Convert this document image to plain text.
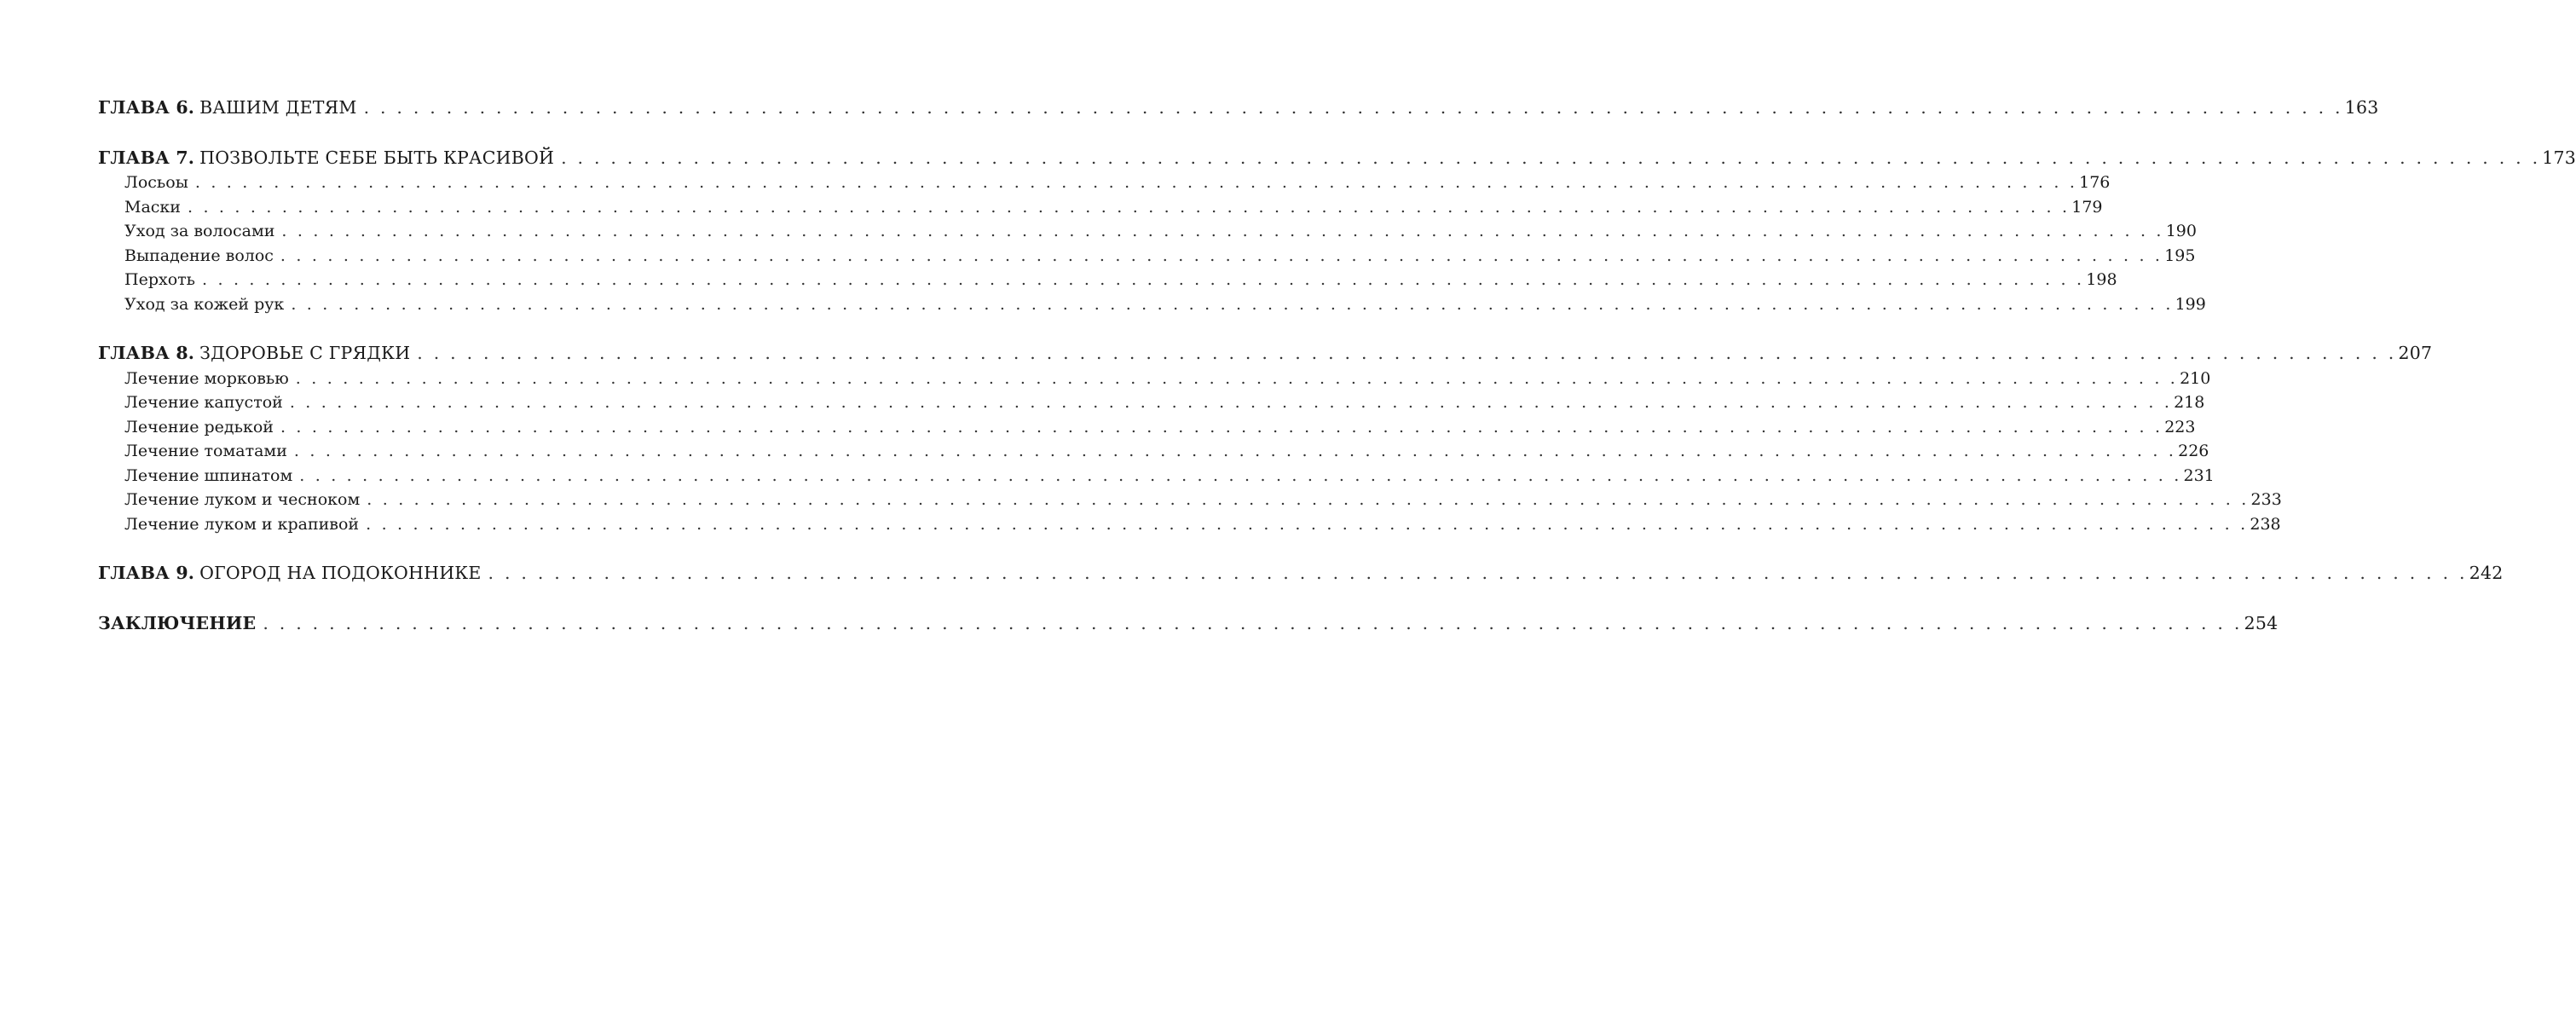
ГЛАВА 6. ВАШИМ ДЕТЯМ . . . . . . . . . . . . . . . . . . . . . . . . . . . . . . . . . . . . . . . . . . . . . . . . . . . . . . . . . . . . . . . . . . . . . . . . . . . . . . . . . . . . . . . . . . . . . . . . . . . . . . . . . . . . . . . . . . . . . . . . 163
ГЛАВА 7. ПОЗВОЛЬТЕ СЕБЕ БЫТЬ КРАСИВОЙ . . . . . . . . . . . . . . . . . . . . . . . . . . . . . . . . . . . . . . . . . . . . . . . . . . . . . . . . . . . . . . . . . . . . . . . . . . . . . . . . . . . . . . . . . . . . . . . . . . . . . . . . . . . . . . . . . . . . . . . . 173
Лосьоы . . . . . . . . . . . . . . . . . . . . . . . . . . . . . . . . . . . . . . . . . . . . . . . . . . . . . . . . . . . . . . . . . . . . . . . . . . . . . . . . . . . . . . . . . . . . . . . . . . . . . . . . . . . . . . . . . . . . . . . . 176
Маски . . . . . . . . . . . . . . . . . . . . . . . . . . . . . . . . . . . . . . . . . . . . . . . . . . . . . . . . . . . . . . . . . . . . . . . . . . . . . . . . . . . . . . . . . . . . . . . . . . . . . . . . . . . . . . . . . . . . . . . . 179
Уход за волосами . . . . . . . . . . . . . . . . . . . . . . . . . . . . . . . . . . . . . . . . . . . . . . . . . . . . . . . . . . . . . . . . . . . . . . . . . . . . . . . . . . . . . . . . . . . . . . . . . . . . . . . . . . . . . . . . . . . . . . . . 190
Выпадение волос . . . . . . . . . . . . . . . . . . . . . . . . . . . . . . . . . . . . . . . . . . . . . . . . . . . . . . . . . . . . . . . . . . . . . . . . . . . . . . . . . . . . . . . . . . . . . . . . . . . . . . . . . . . . . . . . . . . . . . . . 195
Перхоть . . . . . . . . . . . . . . . . . . . . . . . . . . . . . . . . . . . . . . . . . . . . . . . . . . . . . . . . . . . . . . . . . . . . . . . . . . . . . . . . . . . . . . . . . . . . . . . . . . . . . . . . . . . . . . . . . . . . . . . . 198
Уход за кожей рук . . . . . . . . . . . . . . . . . . . . . . . . . . . . . . . . . . . . . . . . . . . . . . . . . . . . . . . . . . . . . . . . . . . . . . . . . . . . . . . . . . . . . . . . . . . . . . . . . . . . . . . . . . . . . . . . . . . . . . . . 199
ГЛАВА 8. ЗДОРОВЬЕ С ГРЯДКИ . . . . . . . . . . . . . . . . . . . . . . . . . . . . . . . . . . . . . . . . . . . . . . . . . . . . . . . . . . . . . . . . . . . . . . . . . . . . . . . . . . . . . . . . . . . . . . . . . . . . . . . . . . . . . . . . . . . . . . . . 207
Лечение морковью . . . . . . . . . . . . . . . . . . . . . . . . . . . . . . . . . . . . . . . . . . . . . . . . . . . . . . . . . . . . . . . . . . . . . . . . . . . . . . . . . . . . . . . . . . . . . . . . . . . . . . . . . . . . . . . . . . . . . . . . 210
Лечение капустой . . . . . . . . . . . . . . . . . . . . . . . . . . . . . . . . . . . . . . . . . . . . . . . . . . . . . . . . . . . . . . . . . . . . . . . . . . . . . . . . . . . . . . . . . . . . . . . . . . . . . . . . . . . . . . . . . . . . . . . . 218
Лечение редькой . . . . . . . . . . . . . . . . . . . . . . . . . . . . . . . . . . . . . . . . . . . . . . . . . . . . . . . . . . . . . . . . . . . . . . . . . . . . . . . . . . . . . . . . . . . . . . . . . . . . . . . . . . . . . . . . . . . . . . . . 223
Лечение томатами . . . . . . . . . . . . . . . . . . . . . . . . . . . . . . . . . . . . . . . . . . . . . . . . . . . . . . . . . . . . . . . . . . . . . . . . . . . . . . . . . . . . . . . . . . . . . . . . . . . . . . . . . . . . . . . . . . . . . . . . 226
Лечение шпинатом . . . . . . . . . . . . . . . . . . . . . . . . . . . . . . . . . . . . . . . . . . . . . . . . . . . . . . . . . . . . . . . . . . . . . . . . . . . . . . . . . . . . . . . . . . . . . . . . . . . . . . . . . . . . . . . . . . . . . . . . 231
Лечение луком и чесноком . . . . . . . . . . . . . . . . . . . . . . . . . . . . . . . . . . . . . . . . . . . . . . . . . . . . . . . . . . . . . . . . . . . . . . . . . . . . . . . . . . . . . . . . . . . . . . . . . . . . . . . . . . . . . . . . . . . . . . . . 233
Лечение луком и крапивой . . . . . . . . . . . . . . . . . . . . . . . . . . . . . . . . . . . . . . . . . . . . . . . . . . . . . . . . . . . . . . . . . . . . . . . . . . . . . . . . . . . . . . . . . . . . . . . . . . . . . . . . . . . . . . . . . . . . . . . . 238
ГЛАВА 9. ОГОРОД НА ПОДОКОННИКЕ . . . . . . . . . . . . . . . . . . . . . . . . . . . . . . . . . . . . . . . . . . . . . . . . . . . . . . . . . . . . . . . . . . . . . . . . . . . . . . . . . . . . . . . . . . . . . . . . . . . . . . . . . . . . . . . . . . . . . . . . 242
ЗАКЛЮЧЕНИЕ . . . . . . . . . . . . . . . . . . . . . . . . . . . . . . . . . . . . . . . . . . . . . . . . . . . . . . . . . . . . . . . . . . . . . . . . . . . . . . . . . . . . . . . . . . . . . . . . . . . . . . . . . . . . . . . . . . . . . . . . 254
